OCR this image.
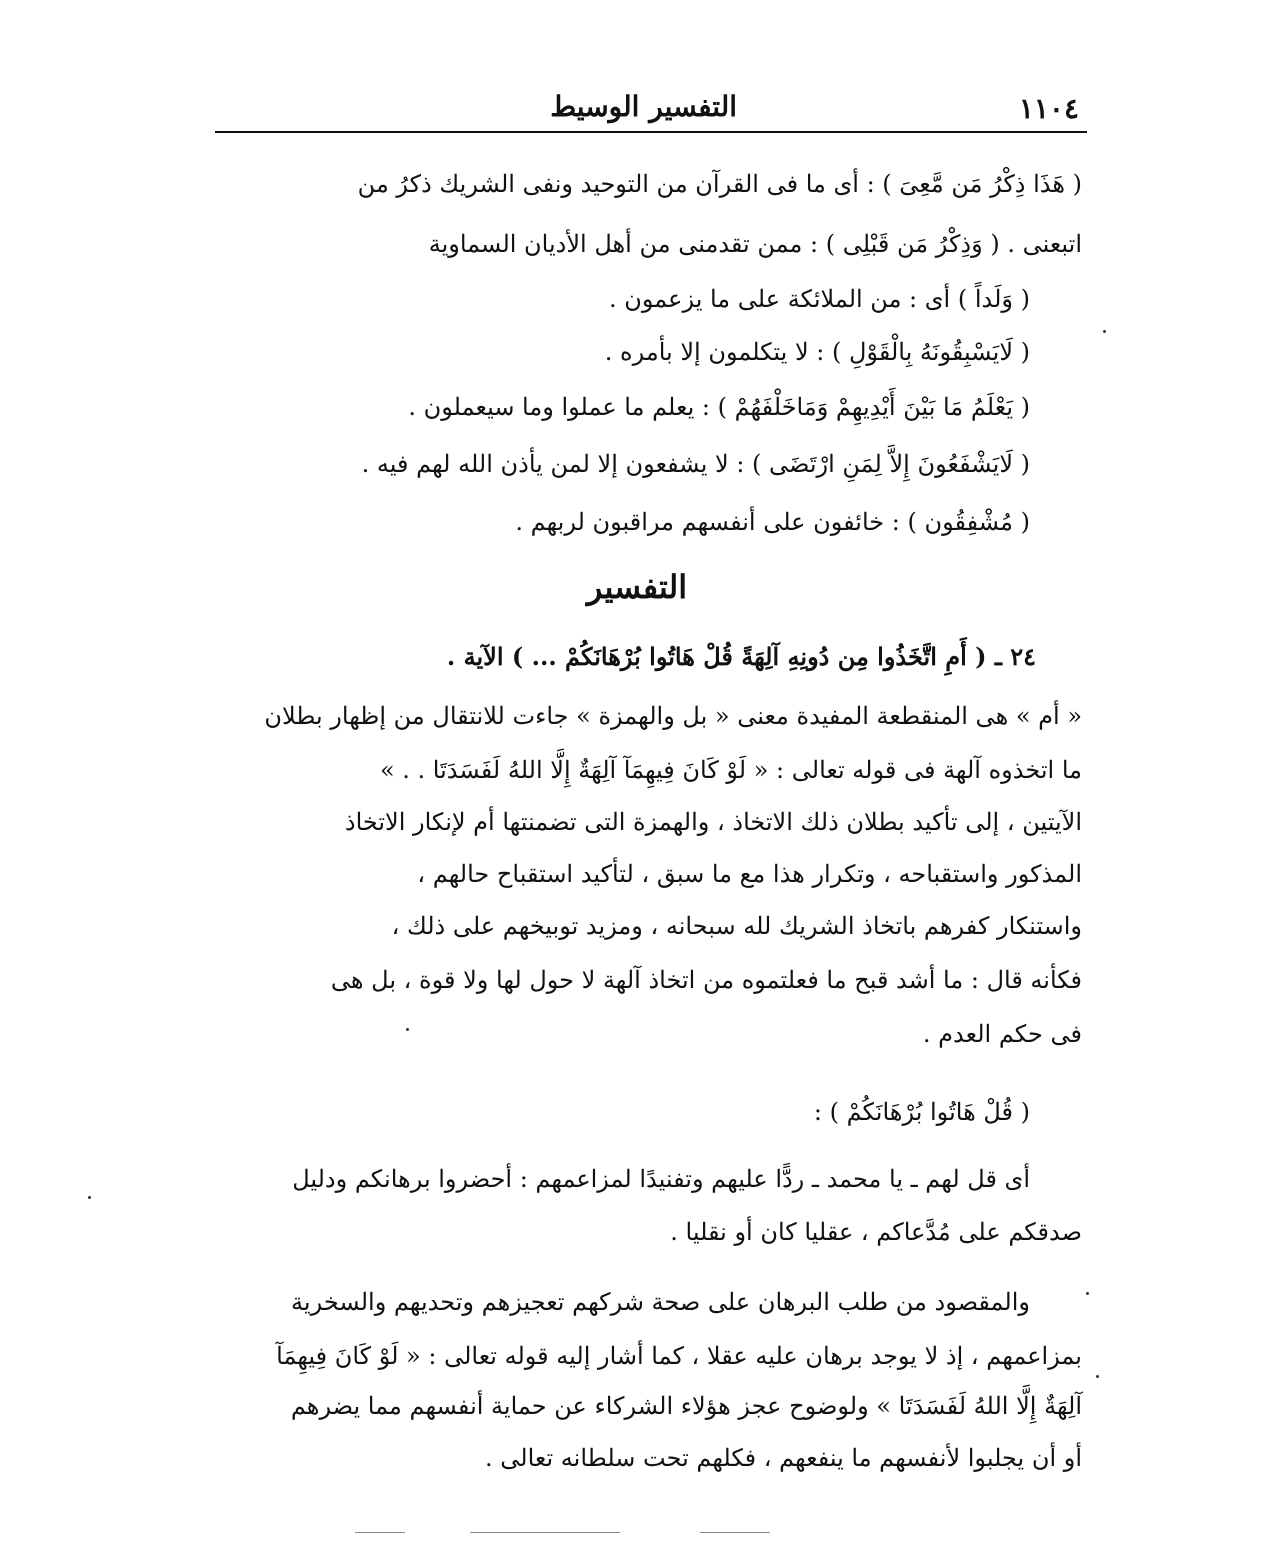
١١٠٤
التفسير الوسيط
( هَذَا ذِكْرُ مَن مَّعِىَ ) : أى ما فى القرآن من التوحيد ونفى الشريك ذكرُ من
اتبعنى . ( وَذِكْرُ مَن قَبْلِى ) : ممن تقدمنى من أهل الأديان السماوية
( وَلَداً ) أى : من الملائكة على ما يزعمون .
( لَايَسْبِقُونَهُ بِالْقَوْلِ ) : لا يتكلمون إلا بأمره .
( يَعْلَمُ مَا بَيْنَ أَيْدِيهِمْ وَمَاخَلْفَهُمْ ) : يعلم ما عملوا وما سيعملون .
( لَايَشْفَعُونَ إِلاَّ لِمَنِ ارْتَضَى ) : لا يشفعون إلا لمن يأذن الله لهم فيه .
( مُشْفِقُون ) : خائفون على أنفسهم مراقبون لربهم .
التفسير
٢٤ ـ ( أَمِ اتَّخَذُوا مِن دُونِهِ آلِهَةً قُلْ هَاتُوا بُرْهَانَكُمْ ... ) الآية .
« أم » هى المنقطعة المفيدة معنى « بل والهمزة » جاءت للانتقال من إظهار بطلان
ما اتخذوه آلهة فى قوله تعالى : « لَوْ كَانَ فِيهِمَآ آلِهَةٌ إِلَّا اللهُ لَفَسَدَتَا . . »
الآيتين ، إلى تأكيد بطلان ذلك الاتخاذ ، والهمزة التى تضمنتها أم لإنكار الاتخاذ
المذكور واستقباحه ، وتكرار هذا مع ما سبق ، لتأكيد استقباح حالهم ،
واستنكار كفرهم باتخاذ الشريك لله سبحانه ، ومزيد توبيخهم على ذلك ،
فكأنه قال : ما أشد قبح ما فعلتموه من اتخاذ آلهة لا حول لها ولا قوة ، بل هى
فى حكم العدم .
( قُلْ هَاتُوا بُرْهَانَكُمْ ) :
أى قل لهم ـ يا محمد ـ ردًّا عليهم وتفنيدًا لمزاعمهم : أحضروا برهانكم ودليل
صدقكم على مُدَّعاكم ، عقليا كان أو نقليا .
والمقصود من طلب البرهان على صحة شركهم تعجيزهم وتحديهم والسخرية
بمزاعمهم ، إذ لا يوجد برهان عليه عقلا ، كما أشار إليه قوله تعالى : « لَوْ كَانَ فِيهِمَآ
آلِهَةٌ إِلَّا اللهُ لَفَسَدَتَا » ولوضوح عجز هؤلاء الشركاء عن حماية أنفسهم مما يضرهم
أو أن يجلبوا لأنفسهم ما ينفعهم ، فكلهم تحت سلطانه تعالى .
